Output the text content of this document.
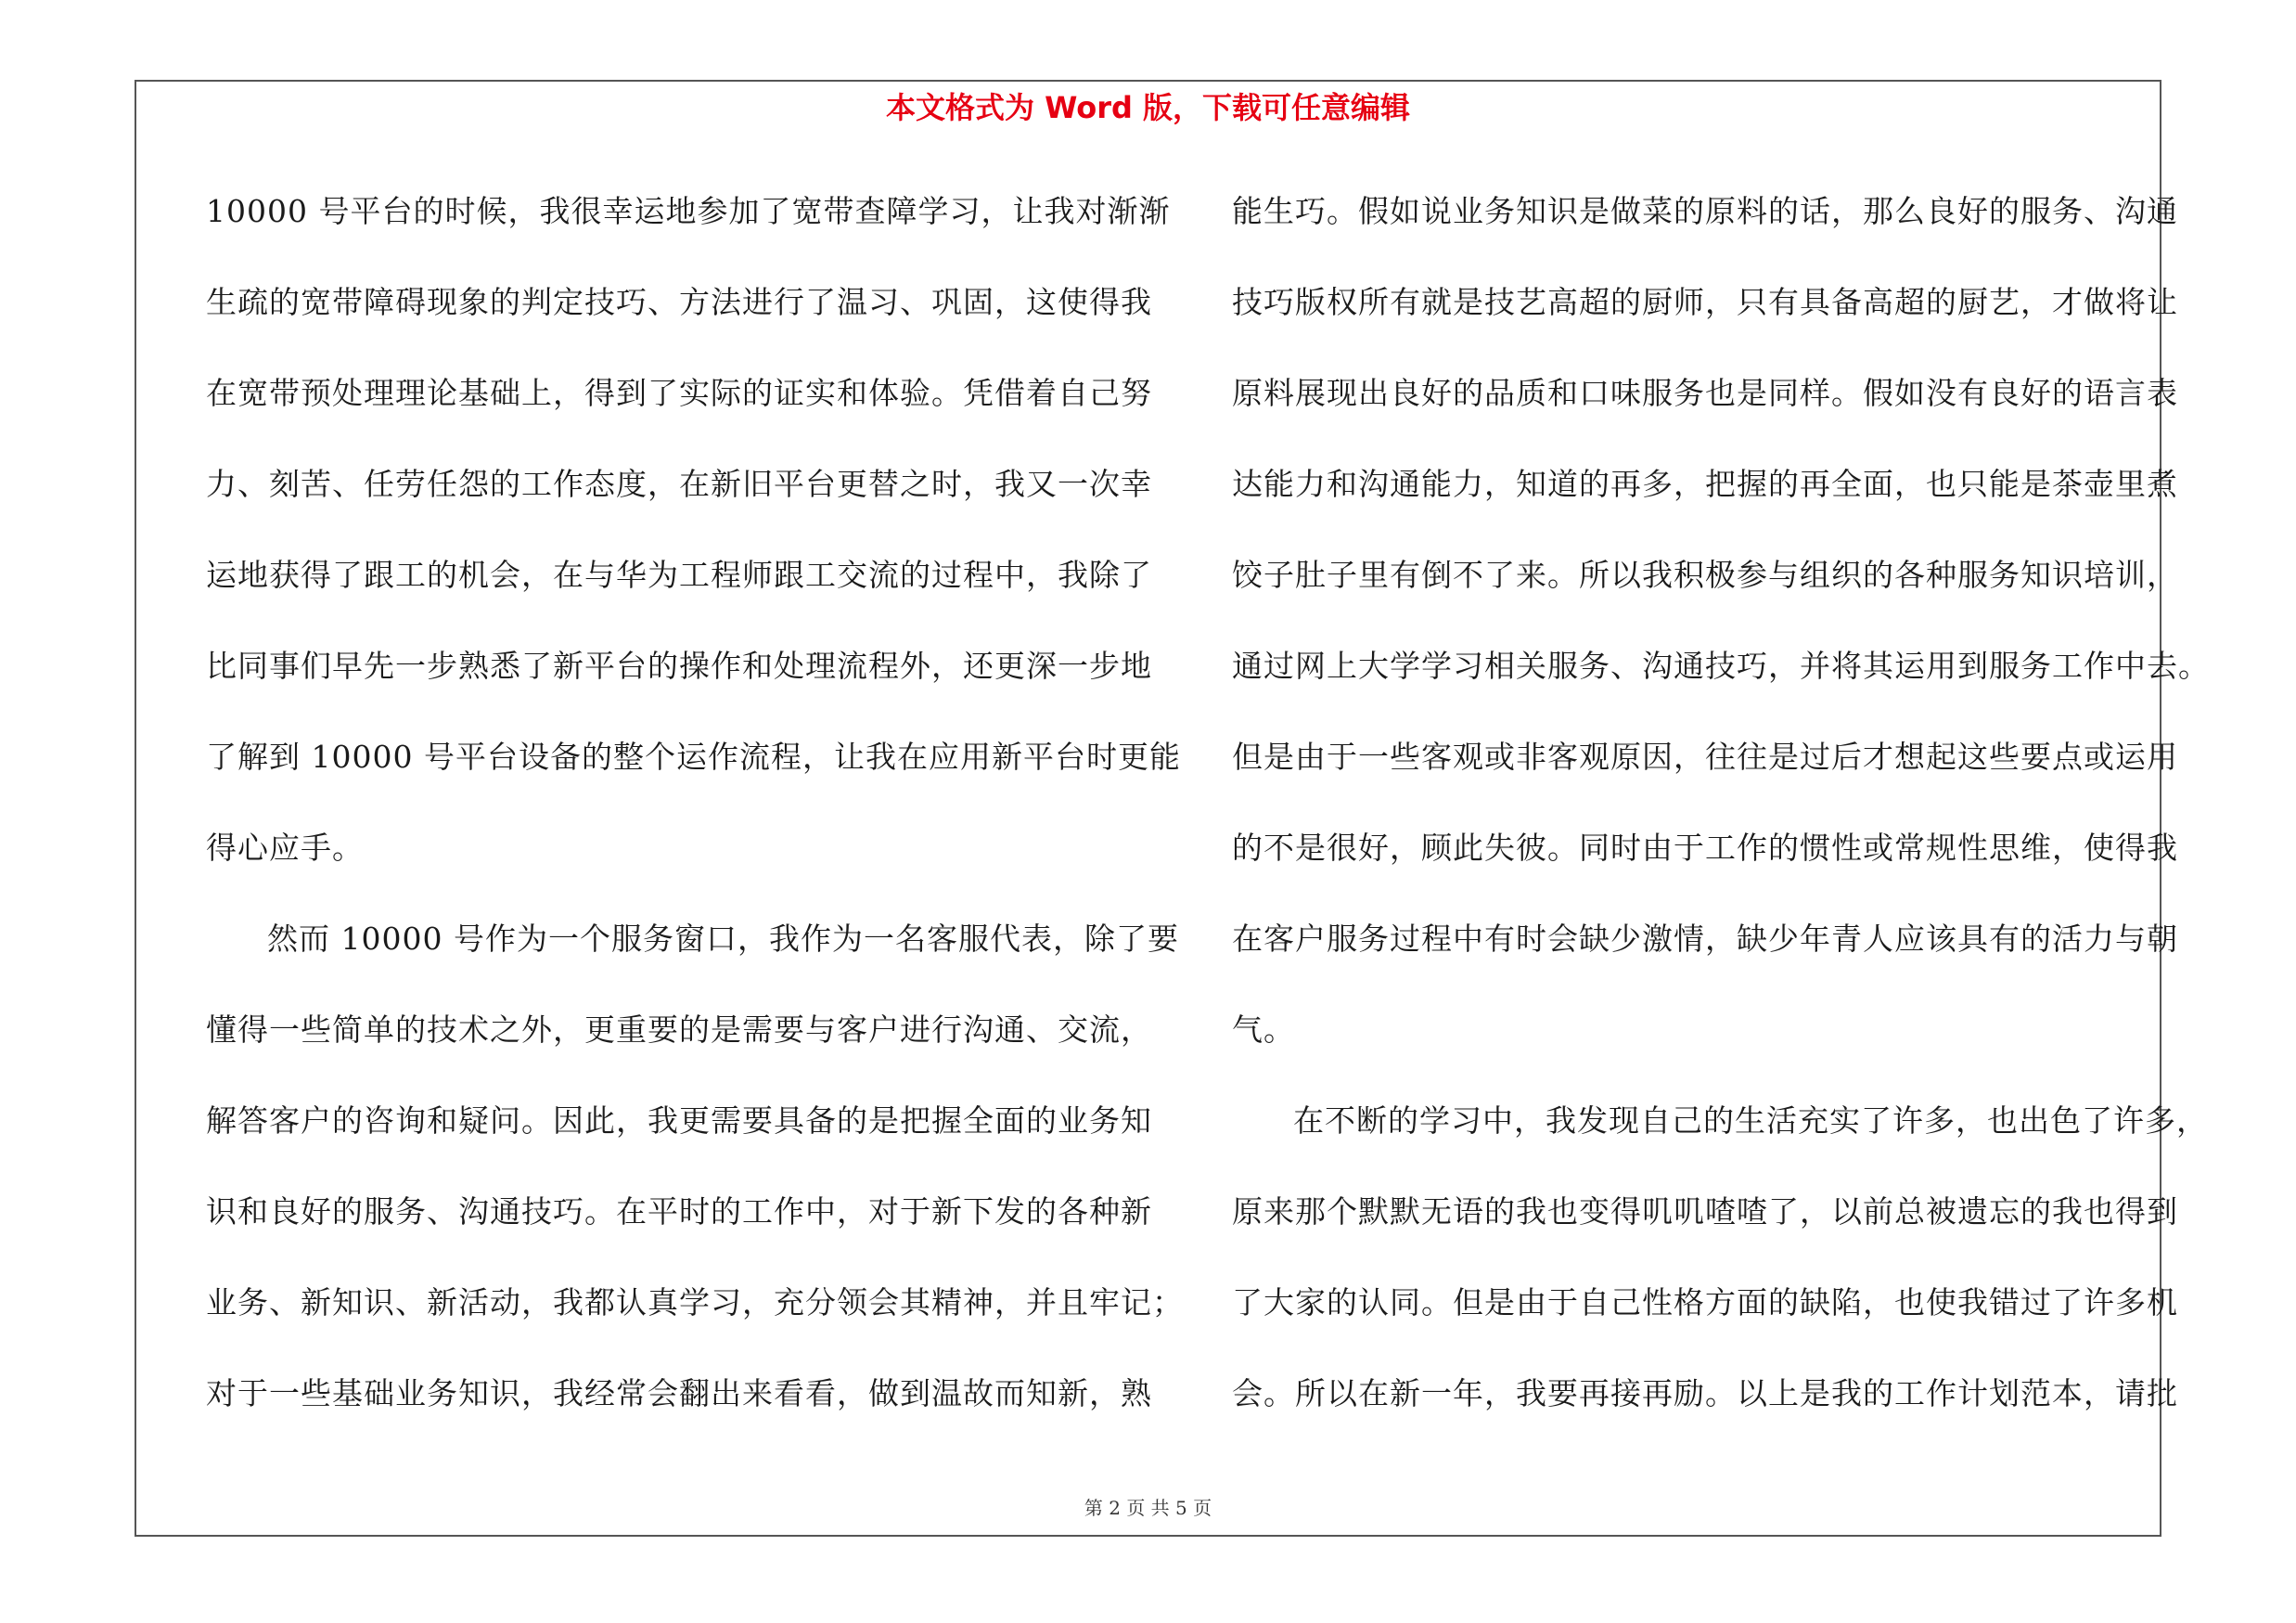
本文格式为 Word 版，下载可任意编辑
10000 号平台的时候，我很幸运地参加了宽带查障学习，让我对渐渐
生疏的宽带障碍现象的判定技巧、方法进行了温习、巩固，这使得我
在宽带预处理理论基础上，得到了实际的证实和体验。凭借着自己努
力、刻苦、任劳任怨的工作态度，在新旧平台更替之时，我又一次幸
运地获得了跟工的机会，在与华为工程师跟工交流的过程中，我除了
比同事们早先一步熟悉了新平台的操作和处理流程外，还更深一步地
了解到 10000 号平台设备的整个运作流程，让我在应用新平台时更能
得心应手。
然而 10000 号作为一个服务窗口，我作为一名客服代表，除了要
懂得一些简单的技术之外，更重要的是需要与客户进行沟通、交流，
解答客户的咨询和疑问。因此，我更需要具备的是把握全面的业务知
识和良好的服务、沟通技巧。在平时的工作中，对于新下发的各种新
业务、新知识、新活动，我都认真学习，充分领会其精神，并且牢记；
对于一些基础业务知识，我经常会翻出来看看，做到温故而知新，熟
能生巧。假如说业务知识是做菜的原料的话，那么良好的服务、沟通
技巧版权所有就是技艺高超的厨师，只有具备高超的厨艺，才做将让
原料展现出良好的品质和口味服务也是同样。假如没有良好的语言表
达能力和沟通能力，知道的再多，把握的再全面，也只能是茶壶里煮
饺子肚子里有倒不了来。所以我积极参与组织的各种服务知识培训，
通过网上大学学习相关服务、沟通技巧，并将其运用到服务工作中去。
但是由于一些客观或非客观原因，往往是过后才想起这些要点或运用
的不是很好，顾此失彼。同时由于工作的惯性或常规性思维，使得我
在客户服务过程中有时会缺少激情，缺少年青人应该具有的活力与朝
气。
在不断的学习中，我发现自己的生活充实了许多，也出色了许多，
原来那个默默无语的我也变得叽叽喳喳了，以前总被遗忘的我也得到
了大家的认同。但是由于自己性格方面的缺陷，也使我错过了许多机
会。所以在新一年，我要再接再励。以上是我的工作计划范本，请批
第 2 页 共 5 页
